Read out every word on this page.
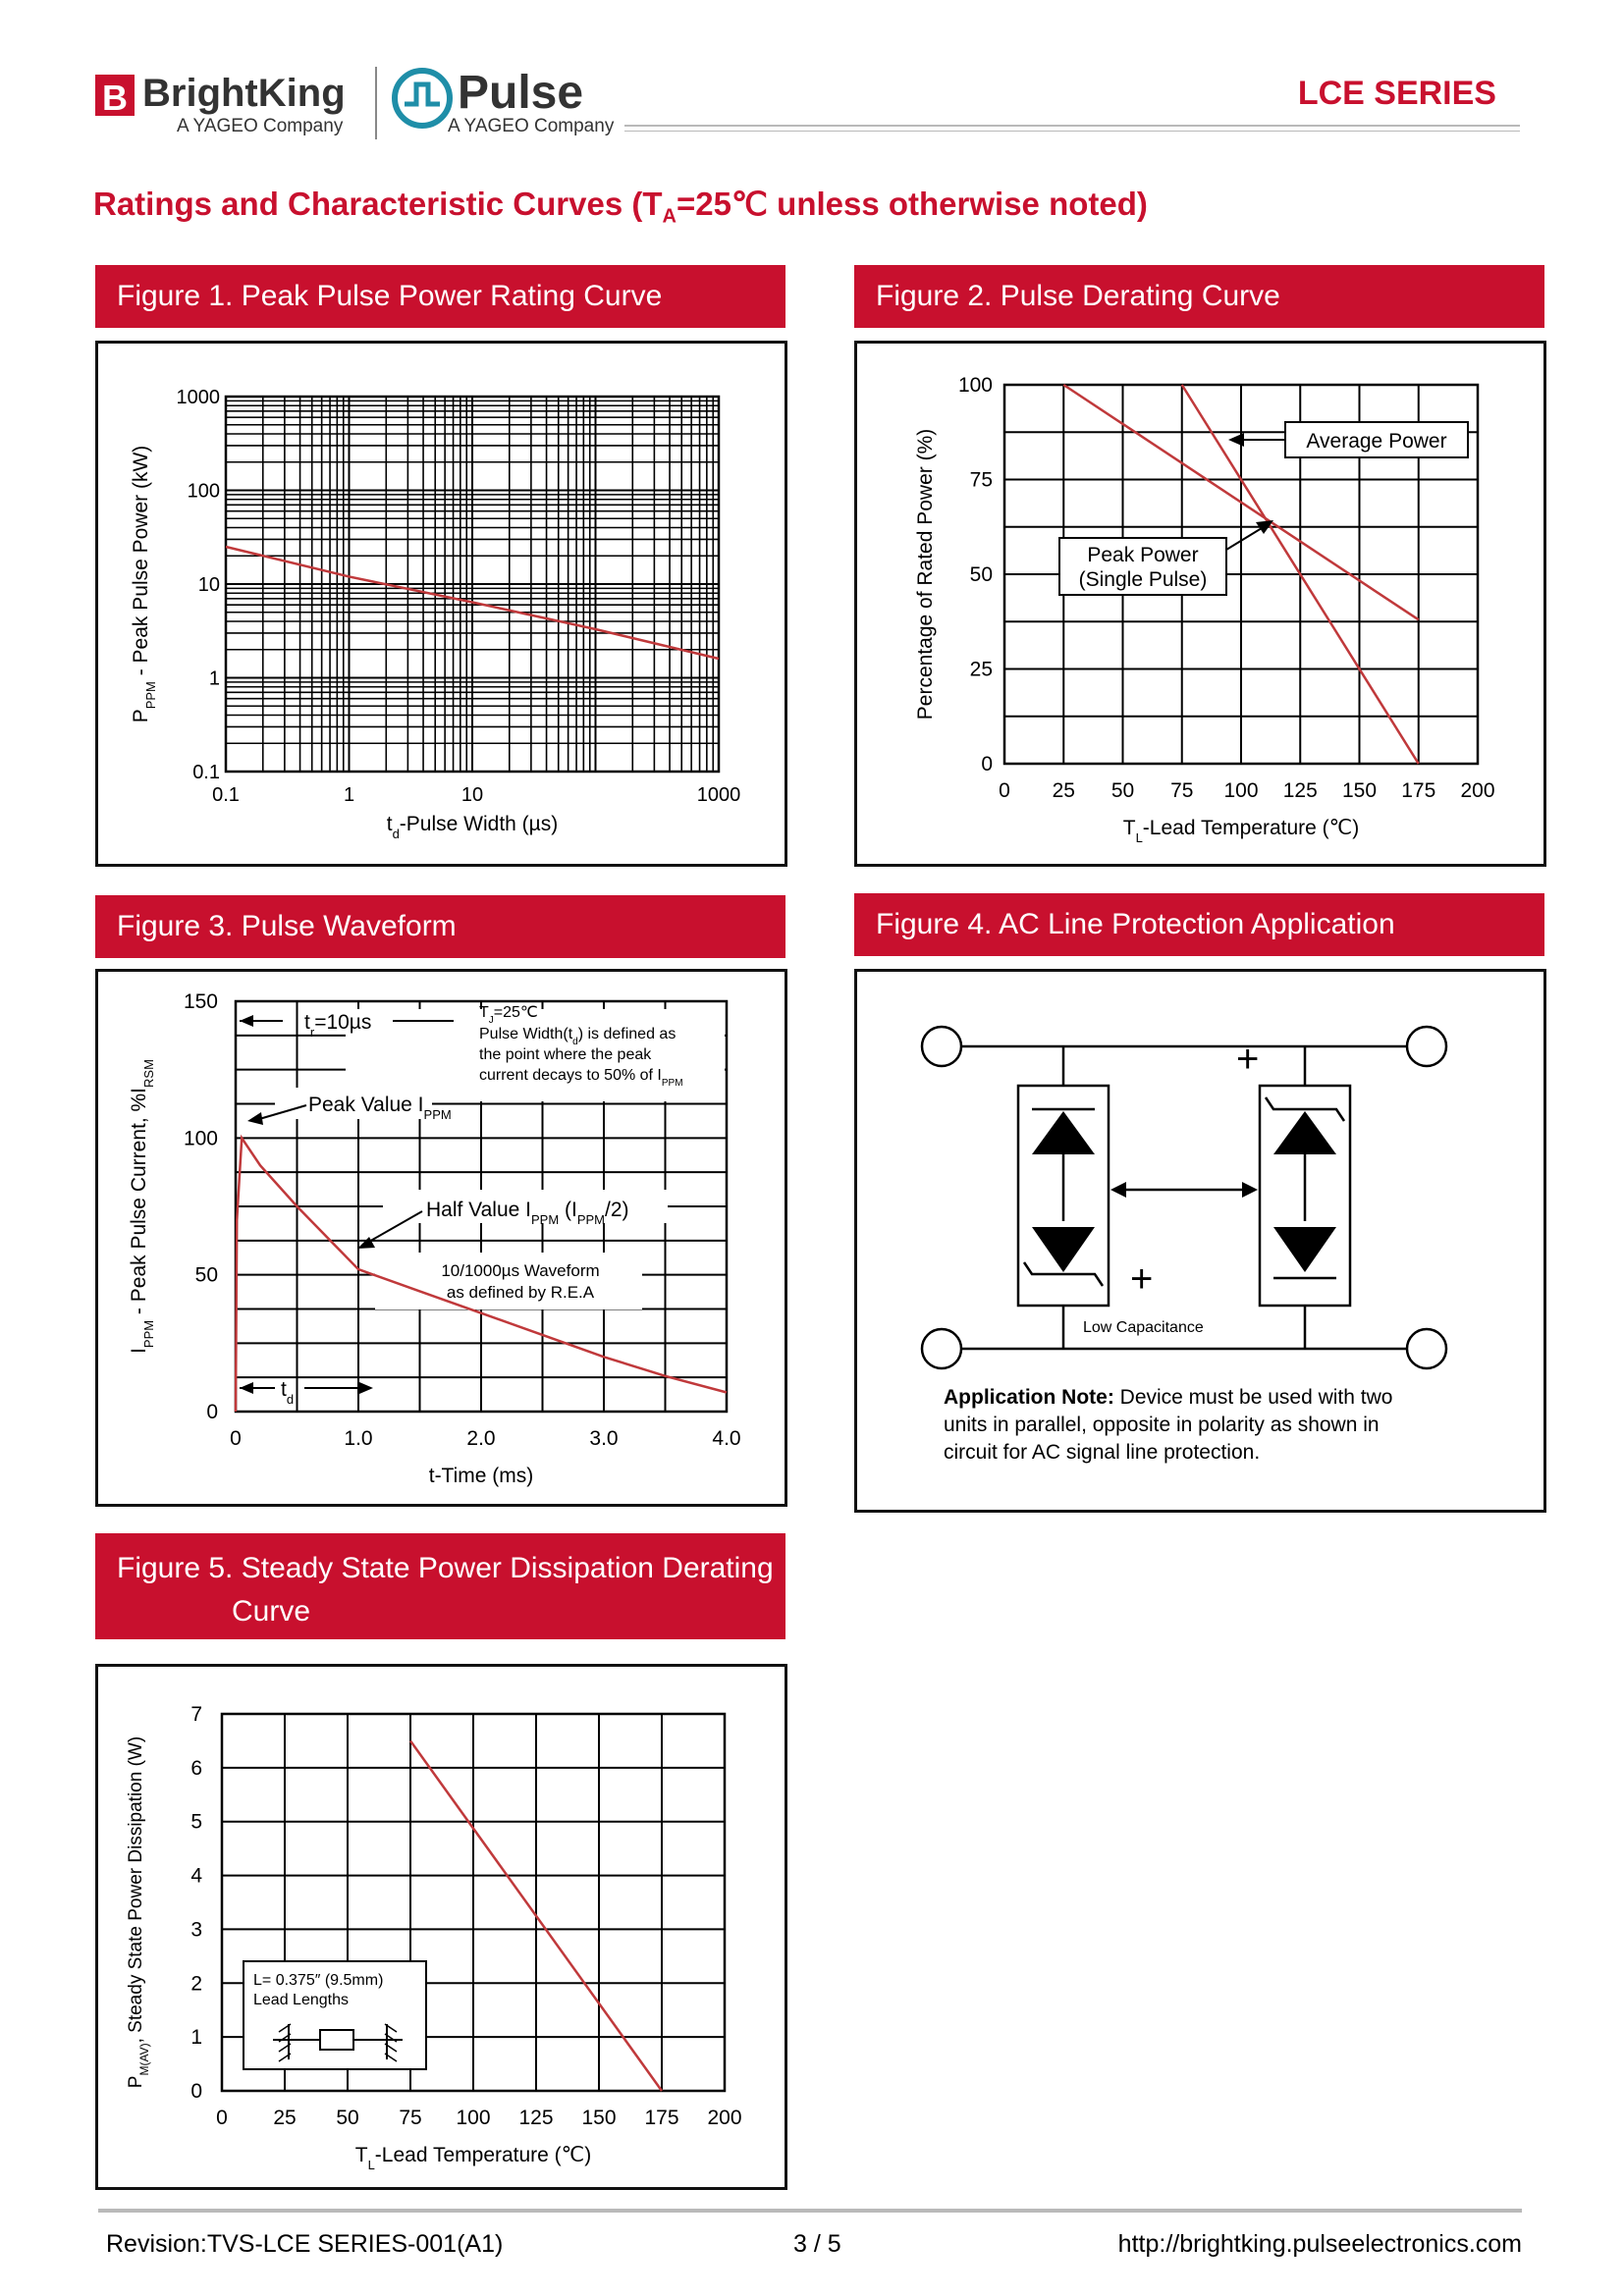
B BrightKing
A YAGEO Company
Pulse
A YAGEO Company
LCE SERIES
Ratings and Characteristic Curves ($T_A=25℃$ unless otherwise noted)
Figure 1. Peak Pulse Power Rating Curve	Figure 2. Pulse Derating Curve
Figure 3. Pulse Waveform	Figure 4. AC Line Protection Application
Figure 5. Steady State Power Dissipation Derating
Curve
0.1
1
10
100
1000
0.1	1	10	1000
$t_d$-Pulse Width (µs)
$P_{PPM}$ - Peak Pulse Power (kW)
0
25
50
75
100
0 25 50 75 100 125 150 175 200
Average Power
Peak Power
(Single Pulse)
$T_L$-Lead Temperature (℃)
Percentage of Rated Power (%)
0
50
100
150
0	1.0	2.0	3.0	4.0
$t_r=10\mu s$	$T_J=25℃$
Pulse $Width(t_d)$ is defined as
the point where the peak
current decays to 50% of $I_{PPM}$
Peak Value $I_{PPM}$
Half Value $I_{PPM}$ $(I_{PPM}/2)$
10/1000µs Waveform
as defined by R.E.A
$t_d$
t-Time (ms)
$I_{PPM}$ - Peak Pulse Current, $\%I_{RSM}$	+
+
Low Capacitance
Application Note: Device must be used with two
units in parallel, opposite in polarity as shown in
circuit for AC signal line protection.
0
1
2
3
4
5
6
7
0 25 50 75 100 125 150 175 200
L= 0.375″ (9.5mm)
Lead Lengths
$T_L$-Lead Temperature (℃)
$P_{M(AV)}$, Steady State Power Dissipation (W)
Revision:TVS-LCE SERIES-001(A1)	3 / 5	http://brightking.pulseelectronics.com
